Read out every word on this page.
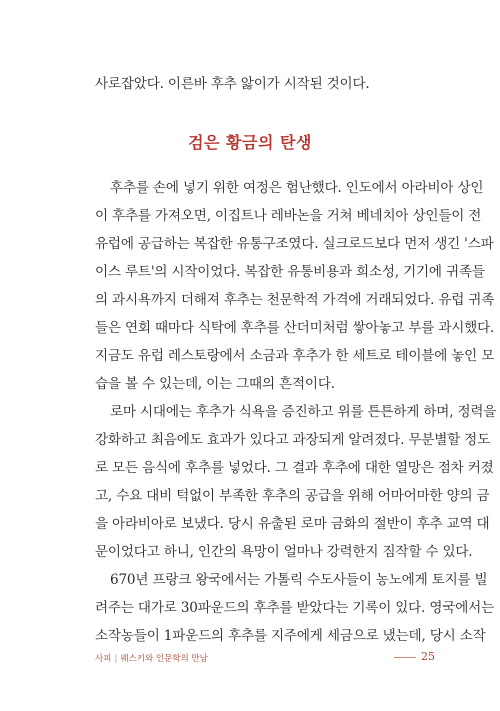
사로잡았다. 이른바 후추 앓이가 시작된 것이다.
검은 황금의 탄생
후추를 손에 넣기 위한 여정은 험난했다. 인도에서 아라비아 상인
이 후추를 가져오면, 이집트나 레바논을 거쳐 베네치아 상인들이 전
유럽에 공급하는 복잡한 유통구조였다. 실크로드보다 먼저 생긴 '스파
이스 루트'의 시작이었다. 복잡한 유통비용과 희소성, 기기에 귀족들
의 과시욕까지 더해져 후추는 천문학적 가격에 거래되었다. 유럽 귀족
들은 연회 때마다 식탁에 후추를 산더미처럼 쌓아놓고 부를 과시했다.
지금도 유럽 레스토랑에서 소금과 후추가 한 세트로 테이블에 놓인 모
습을 볼 수 있는데, 이는 그때의 흔적이다.
로마 시대에는 후추가 식욕을 증진하고 위를 튼튼하게 하며, 정력을
강화하고 최음에도 효과가 있다고 과장되게 알려졌다. 무분별할 정도
로 모든 음식에 후추를 넣었다. 그 결과 후추에 대한 열망은 점차 커졌
고, 수요 대비 턱없이 부족한 후추의 공급을 위해 어마어마한 양의 금
을 아라비아로 보냈다. 당시 유출된 로마 금화의 절반이 후추 교역 대
문이었다고 하니, 인간의 욕망이 얼마나 강력한지 짐작할 수 있다.
670년 프랑크 왕국에서는 가톨릭 수도사들이 농노에게 토지를 빌
려주는 대가로 30파운드의 후추를 받았다는 기록이 있다. 영국에서는
소작농들이 1파운드의 후추를 지주에게 세금으로 냈는데, 당시 소작
사피 | 웨스키와 인문학의 만남	25
